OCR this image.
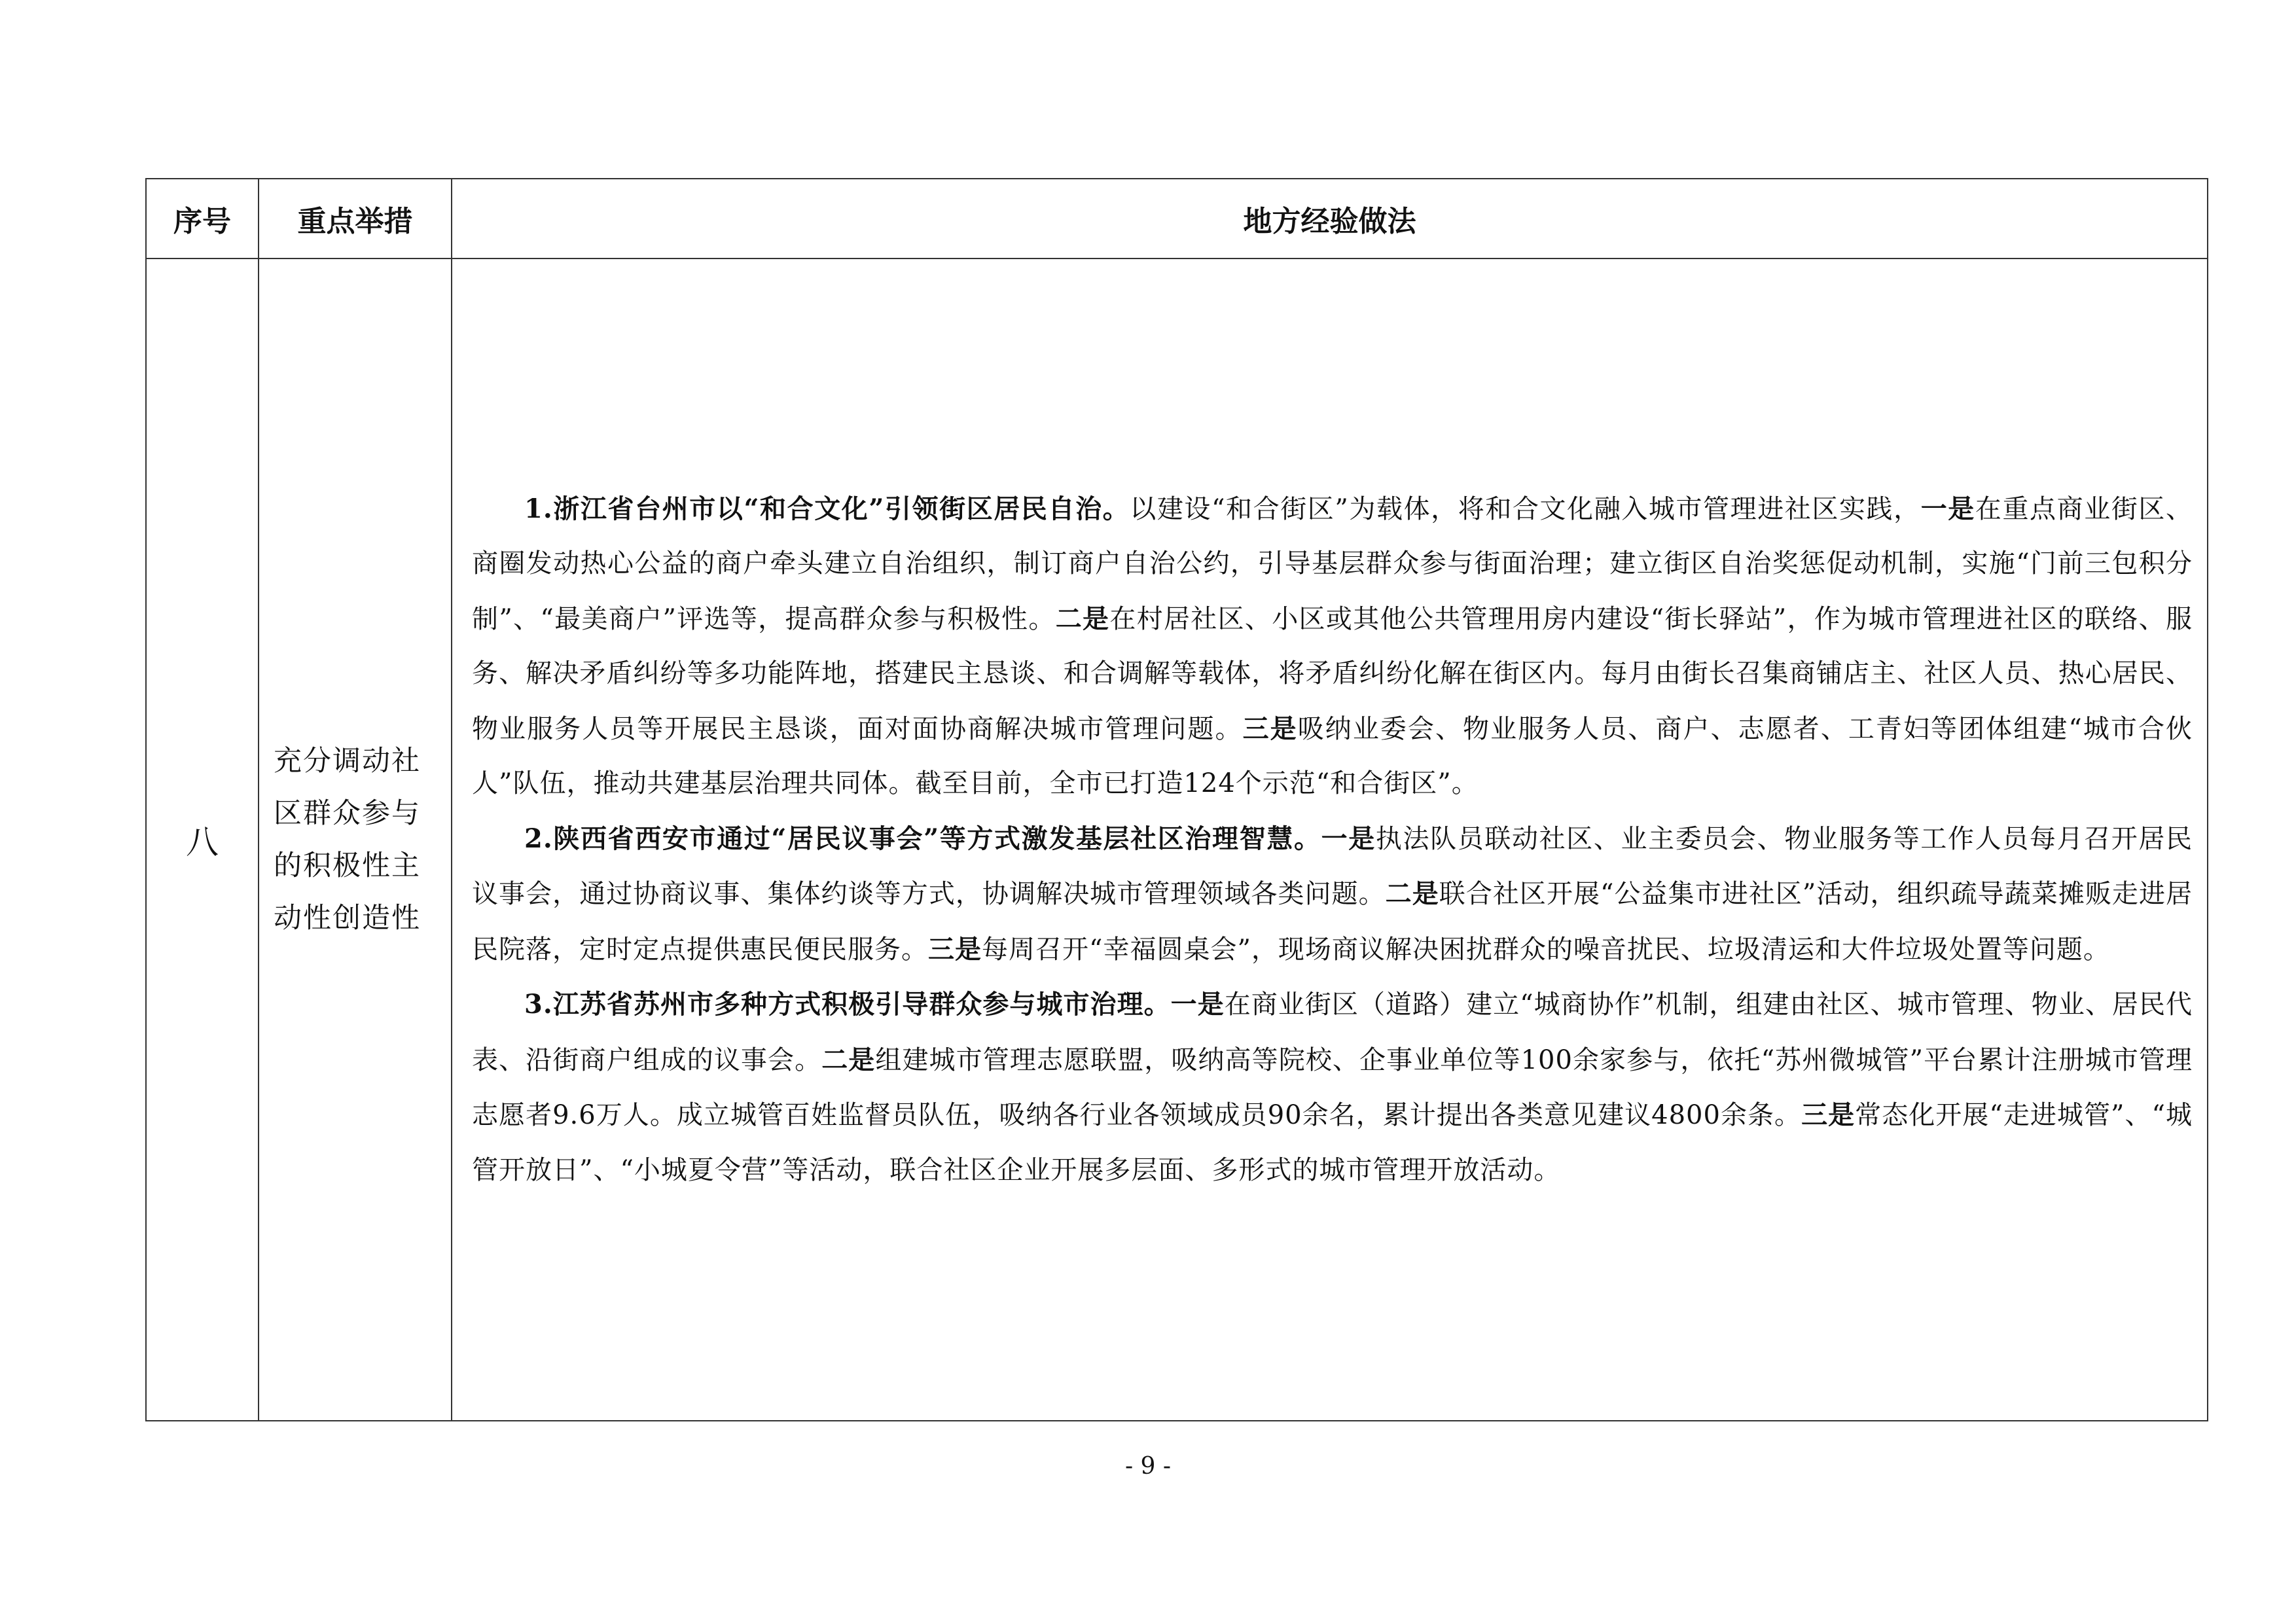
序号	重点举措	地方经验做法
八	充分调动社区群众参与的积极性主动性创造性	1.浙江省台州市以“和合文化”引领街区居民自治。以建设“和合街区”为载体，将和合文化融入城市管理进社区实践，一是在重点商业街区、商圈发动热心公益的商户牵头建立自治组织，制订商户自治公约，引导基层群众参与街面治理；建立街区自治奖惩促动机制，实施“门前三包积分制”、“最美商户”评选等，提高群众参与积极性。二是在村居社区、小区或其他公共管理用房内建设“街长驿站”，作为城市管理进社区的联络、服务、解决矛盾纠纷等多功能阵地，搭建民主恳谈、和合调解等载体，将矛盾纠纷化解在街区内。每月由街长召集商铺店主、社区人员、热心居民、物业服务人员等开展民主恳谈，面对面协商解决城市管理问题。三是吸纳业委会、物业服务人员、商户、志愿者、工青妇等团体组建“城市合伙人”队伍，推动共建基层治理共同体。截至目前，全市已打造124个示范“和合街区”。

2.陕西省西安市通过“居民议事会”等方式激发基层社区治理智慧。一是执法队员联动社区、业主委员会、物业服务等工作人员每月召开居民议事会，通过协商议事、集体约谈等方式，协调解决城市管理领域各类问题。二是联合社区开展“公益集市进社区”活动，组织疏导蔬菜摊贩走进居民院落，定时定点提供惠民便民服务。三是每周召开“幸福圆桌会”，现场商议解决困扰群众的噪音扰民、垃圾清运和大件垃圾处置等问题。

3.江苏省苏州市多种方式积极引导群众参与城市治理。一是在商业街区（道路）建立“城商协作”机制，组建由社区、城市管理、物业、居民代表、沿街商户组成的议事会。二是组建城市管理志愿联盟，吸纳高等院校、企事业单位等100余家参与，依托“苏州微城管”平台累计注册城市管理志愿者9.6万人。成立城管百姓监督员队伍，吸纳各行业各领域成员90余名，累计提出各类意见建议4800余条。三是常态化开展“走进城管”、“城管开放日”、“小城夏令营”等活动，联合社区企业开展多层面、多形式的城市管理开放活动。

- 9 -
